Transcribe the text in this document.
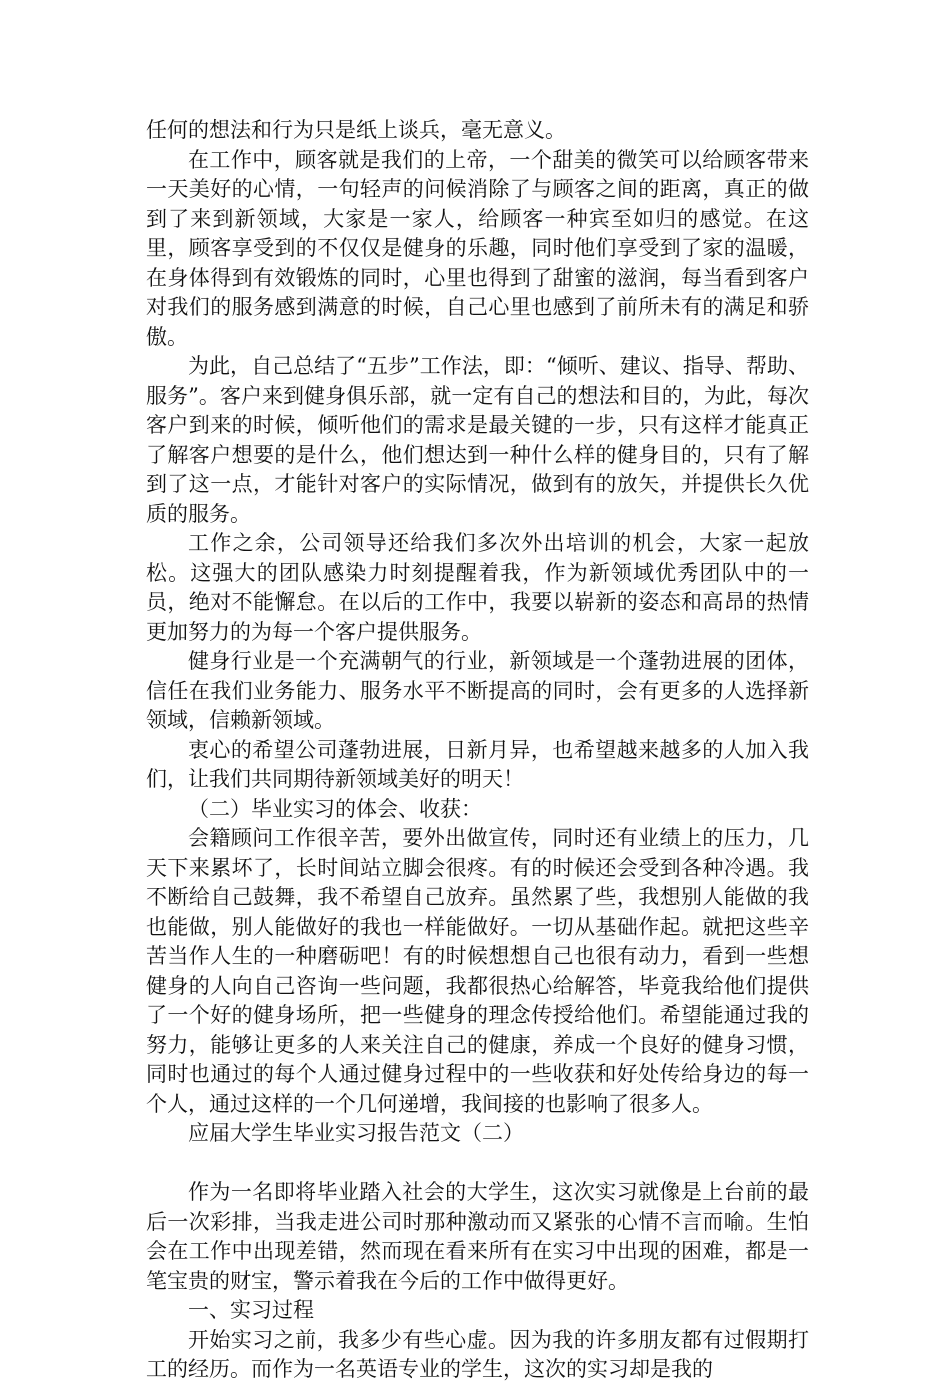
任何的想法和行为只是纸上谈兵，毫无意义。

在工作中，顾客就是我们的上帝，一个甜美的微笑可以给顾客带来一天美好的心情，一句轻声的问候消除了与顾客之间的距离，真正的做到了来到新领域，大家是一家人，给顾客一种宾至如归的感觉。在这里，顾客享受到的不仅仅是健身的乐趣，同时他们享受到了家的温暖，在身体得到有效锻炼的同时，心里也得到了甜蜜的滋润，每当看到客户对我们的服务感到满意的时候，自己心里也感到了前所未有的满足和骄傲。

为此，自己总结了“五步”工作法，即：“倾听、建议、指导、帮助、服务”。客户来到健身俱乐部，就一定有自己的想法和目的，为此，每次客户到来的时候，倾听他们的需求是最关键的一步，只有这样才能真正了解客户想要的是什么，他们想达到一种什么样的健身目的，只有了解到了这一点，才能针对客户的实际情况，做到有的放矢，并提供长久优质的服务。

工作之余，公司领导还给我们多次外出培训的机会，大家一起放松。这强大的团队感染力时刻提醒着我，作为新领域优秀团队中的一员，绝对不能懈怠。在以后的工作中，我要以崭新的姿态和高昂的热情更加努力的为每一个客户提供服务。

健身行业是一个充满朝气的行业，新领域是一个蓬勃进展的团体，信任在我们业务能力、服务水平不断提高的同时，会有更多的人选择新领域，信赖新领域。

衷心的希望公司蓬勃进展，日新月异，也希望越来越多的人加入我们，让我们共同期待新领域美好的明天！

（二）毕业实习的体会、收获：

会籍顾问工作很辛苦，要外出做宣传，同时还有业绩上的压力，几天下来累坏了，长时间站立脚会很疼。有的时候还会受到各种冷遇。我不断给自己鼓舞，我不希望自己放弃。虽然累了些，我想别人能做的我也能做，别人能做好的我也一样能做好。一切从基础作起。就把这些辛苦当作人生的一种磨砺吧！有的时候想想自己也很有动力，看到一些想健身的人向自己咨询一些问题，我都很热心给解答，毕竟我给他们提供了一个好的健身场所，把一些健身的理念传授给他们。希望能通过我的努力，能够让更多的人来关注自己的健康，养成一个良好的健身习惯，同时也通过的每个人通过健身过程中的一些收获和好处传给身边的每一个人，通过这样的一个几何递增，我间接的也影响了很多人。

应届大学生毕业实习报告范文（二）

作为一名即将毕业踏入社会的大学生，这次实习就像是上台前的最后一次彩排，当我走进公司时那种激动而又紧张的心情不言而喻。生怕会在工作中出现差错，然而现在看来所有在实习中出现的困难，都是一笔宝贵的财宝，警示着我在今后的工作中做得更好。

一、实习过程

开始实习之前，我多少有些心虚。因为我的许多朋友都有过假期打工的经历。而作为一名英语专业的学生，这次的实习却是我的
